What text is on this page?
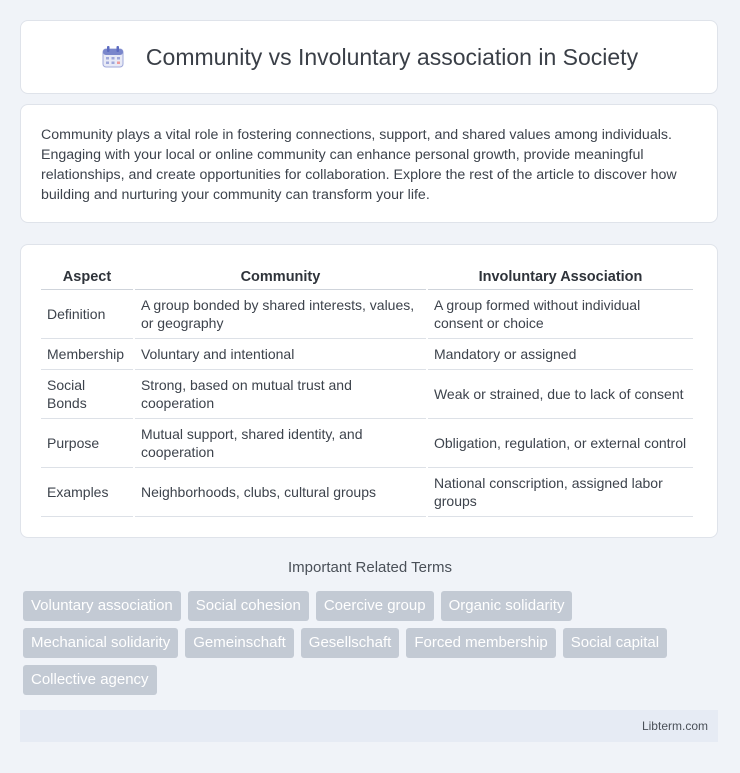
Community vs Involuntary association in Society

Community plays a vital role in fostering connections, support, and shared values among individuals. Engaging with your local or online community can enhance personal growth, provide meaningful relationships, and create opportunities for collaboration. Explore the rest of the article to discover how building and nurturing your community can transform your life.

Aspect	Community	Involuntary Association
Definition	A group bonded by shared interests, values, or geography	A group formed without individual consent or choice
Membership	Voluntary and intentional	Mandatory or assigned
Social Bonds	Strong, based on mutual trust and cooperation	Weak or strained, due to lack of consent
Purpose	Mutual support, shared identity, and cooperation	Obligation, regulation, or external control
Examples	Neighborhoods, clubs, cultural groups	National conscription, assigned labor groups
Important Related Terms
Voluntary association	Social cohesion	Coercive group	Organic solidarity
Mechanical solidarity	Gemeinschaft	Gesellschaft	Forced membership	Social capital
Collective agency
Libterm.com
